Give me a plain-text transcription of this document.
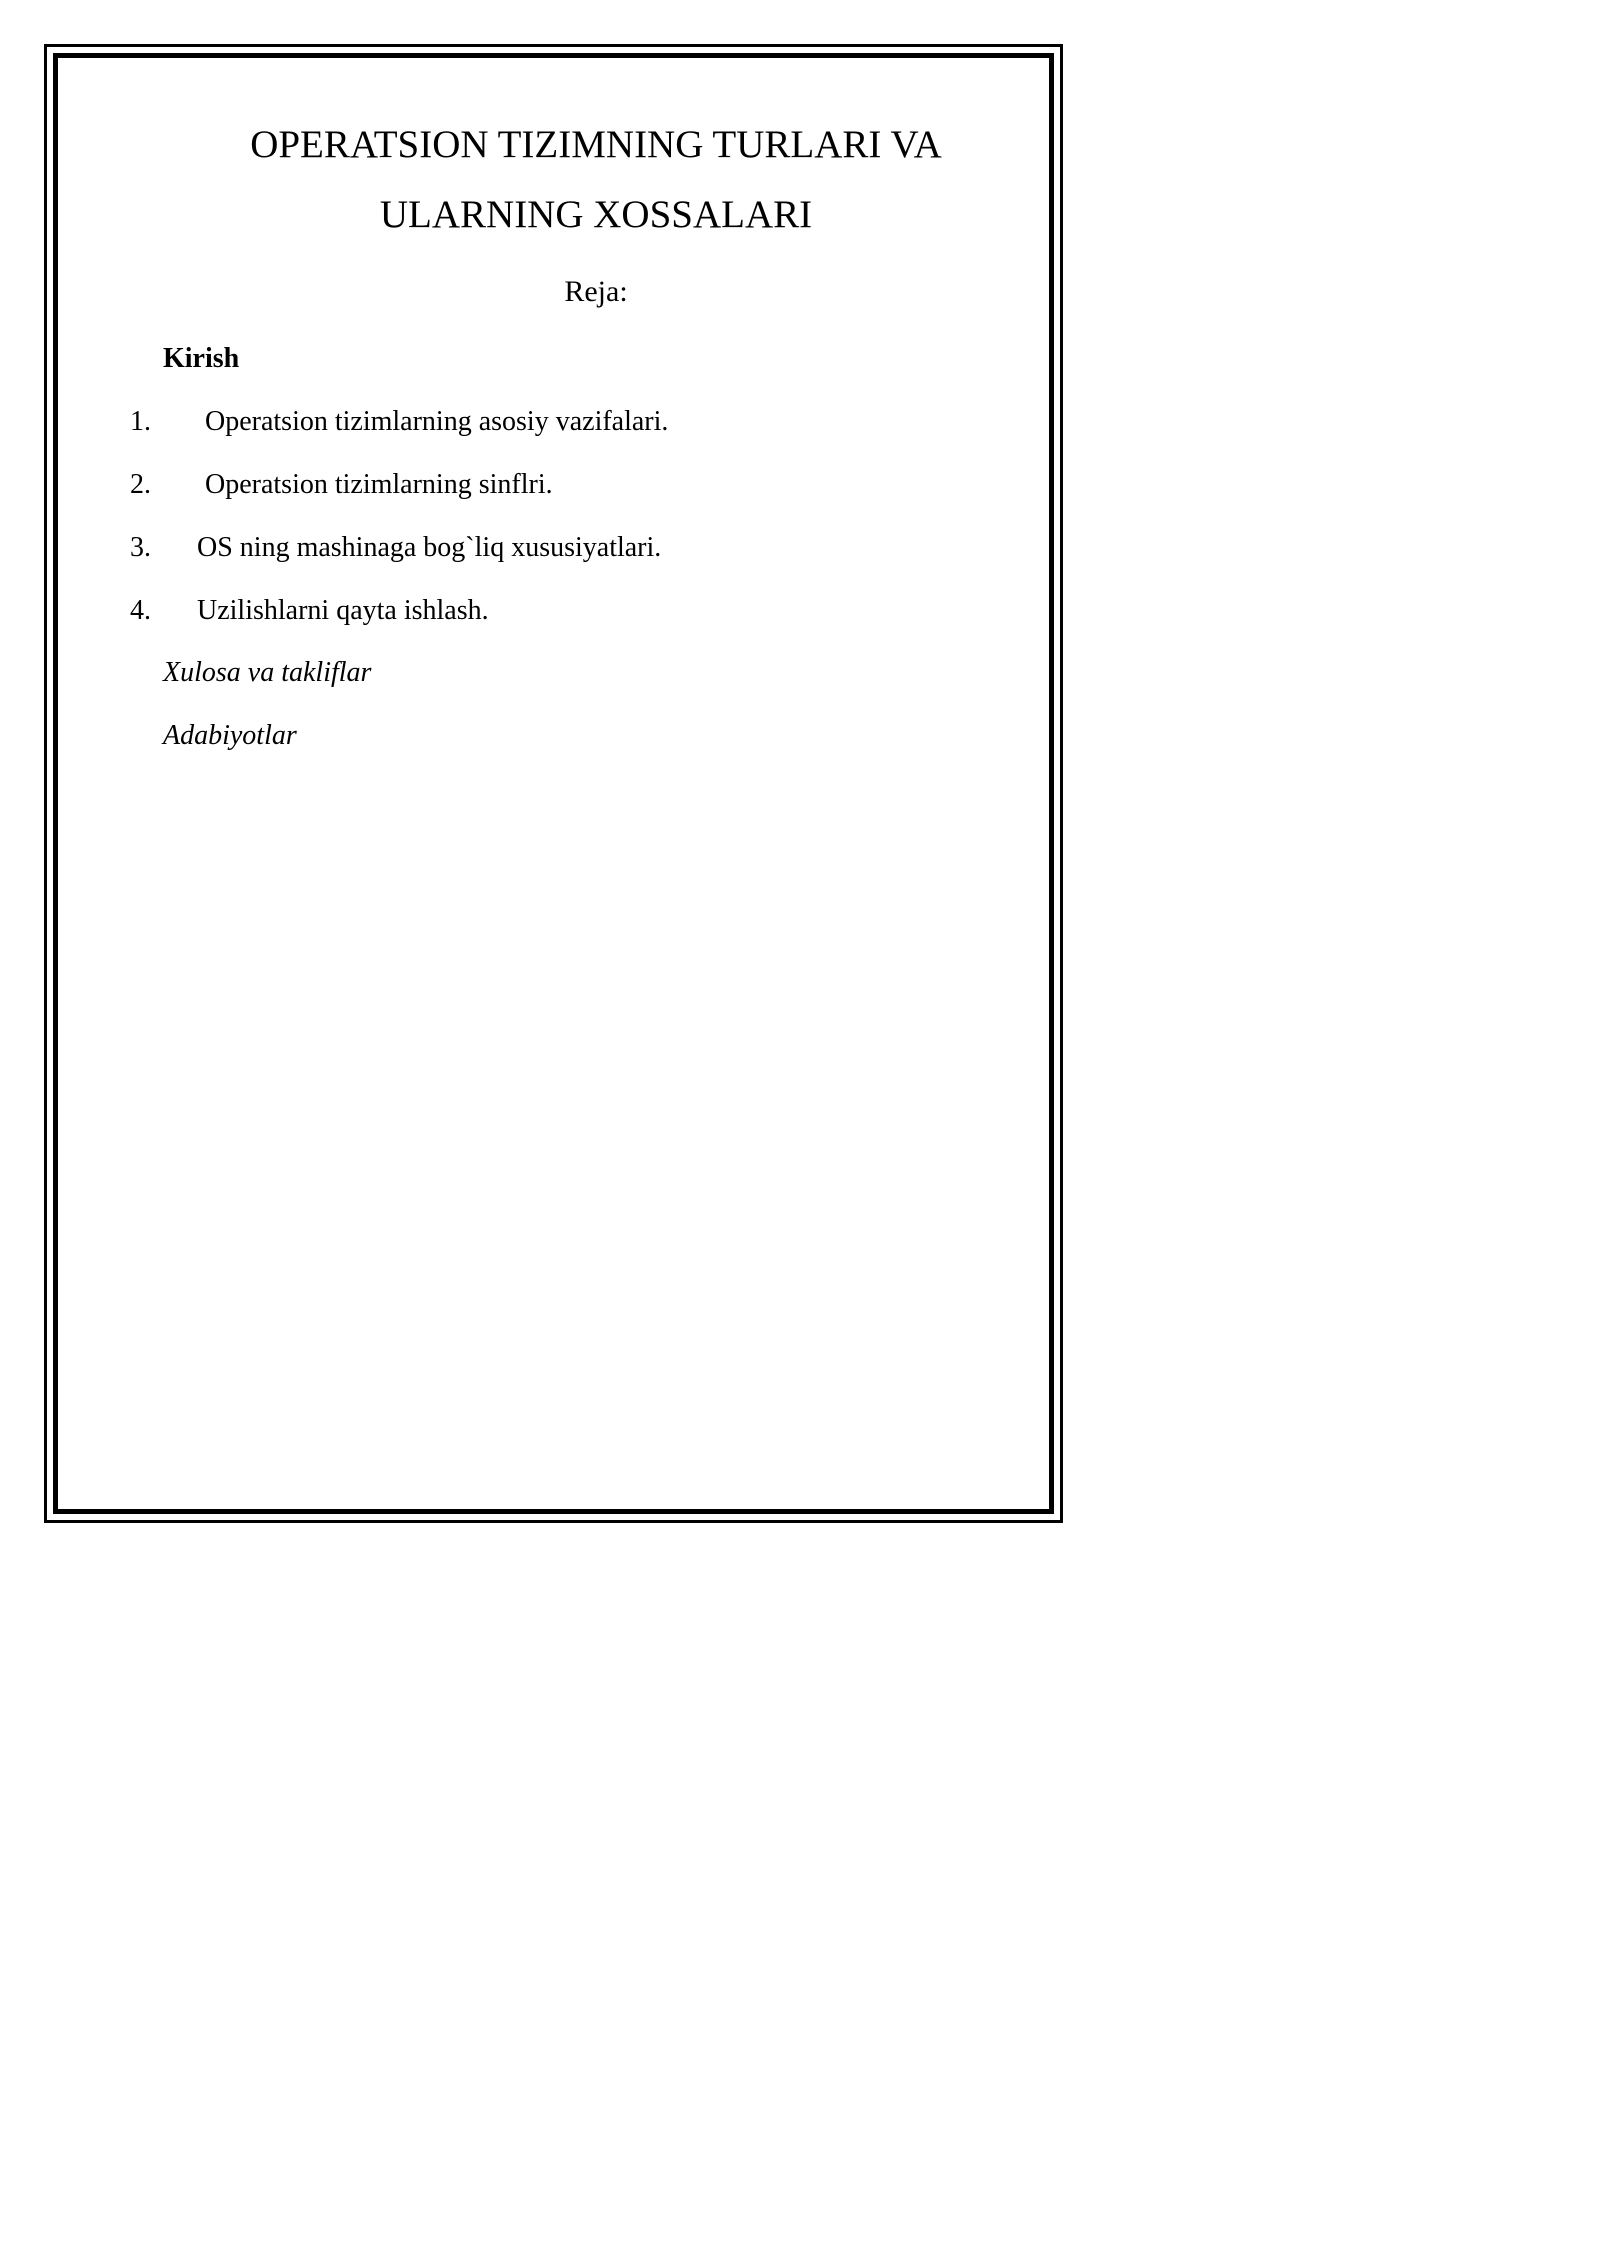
OPERATSION TIZIMNING TURLARI VA
ULARNING XOSSALARI
Reja:
Kirish
1. Operatsion tizimlarning asosiy vazifalari.
2. Operatsion tizimlarning sinflri.
3. OS ning mashinaga bog`liq xususiyatlari.
4. Uzilishlarni qayta ishlash.
Xulosa va takliflar
Adabiyotlar
